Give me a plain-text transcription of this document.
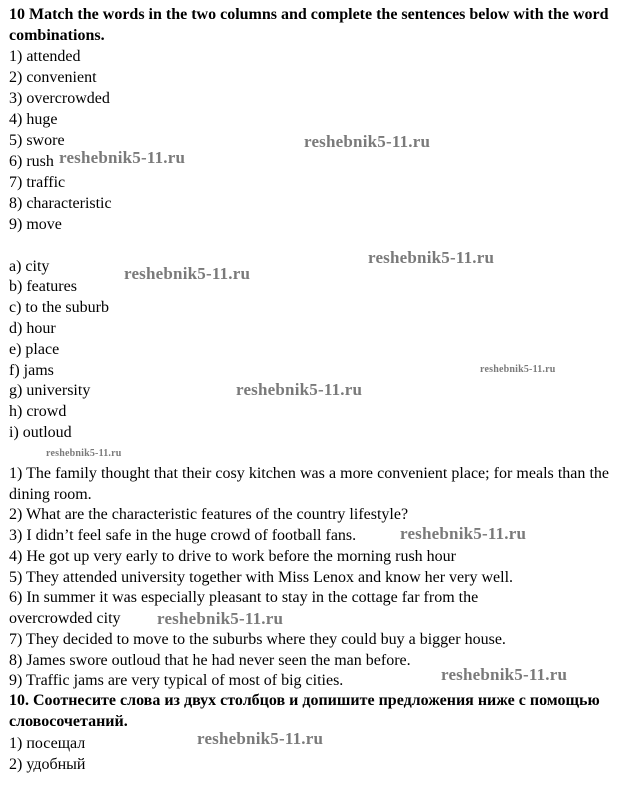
10 Match the words in the two columns and complete the sentences below with the word combinations.
1) attended
2) convenient
3) overcrowded
4) huge
5) swore
6) rush
7) traffic
8) characteristic
9) move
a) city
b) features
c) to the suburb
d) hour
e) place
f) jams
g) university
h) crowd
i) outloud
1) The family thought that their cosy kitchen was a more convenient place; for meals than the dining room.
2) What are the characteristic features of the country lifestyle?
3) I didn’t feel safe in the huge crowd of football fans.
4) He got up very early to drive to work before the morning rush hour
5) They attended university together with Miss Lenox and know her very well.
6) In summer it was especially pleasant to stay in the cottage far from the overcrowded city
7) They decided to move to the suburbs where they could buy a bigger house.
8) James swore outloud that he had never seen the man before.
9) Traffic jams are very typical of most of big cities.
10. Соотнесите слова из двух столбцов и допишите предложения ниже с помощью словосочетаний.
1) посещал
2) удобный
reshebnik5-11.ru
reshebnik5-11.ru
reshebnik5-11.ru
reshebnik5-11.ru
reshebnik5-11.ru
reshebnik5-11.ru
reshebnik5-11.ru
reshebnik5-11.ru
reshebnik5-11.ru
reshebnik5-11.ru
reshebnik5-11.ru
